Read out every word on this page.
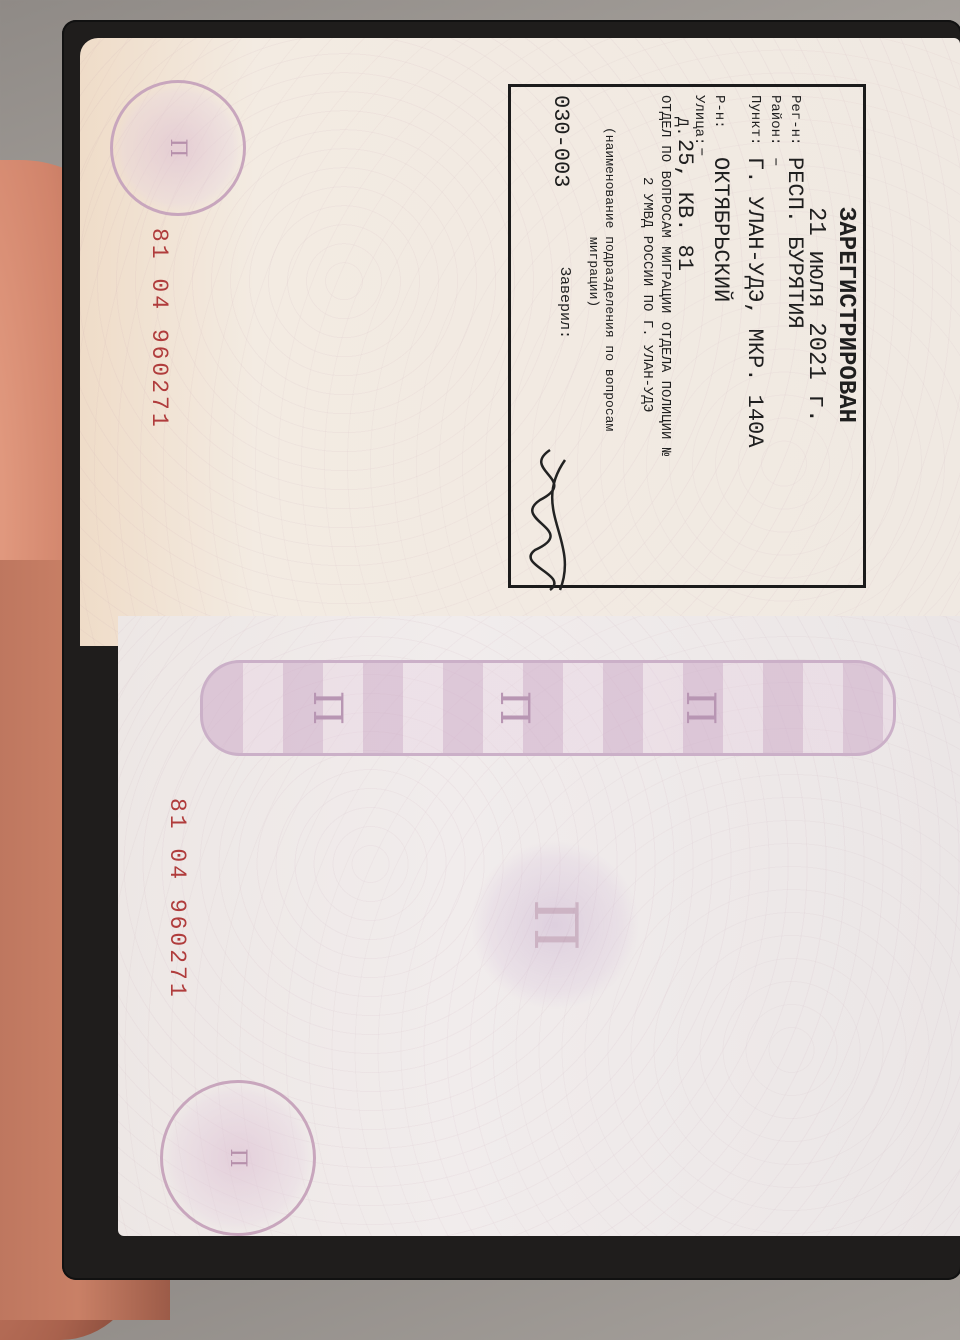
П
ЗАРЕГИСТРИРОВАН
21 июля 2021 г.
Рег-н:
РЕСП. БУРЯТИЯ
Район:
–
Пункт:
Г. УЛАН-УДЭ, МКР. 140А
Р-н:
ОКТЯБРЬСКИЙ
Улица:
–
Д.
25, КВ. 81
ОТДЕЛ ПО ВОПРОСАМ МИГРАЦИИ ОТДЕЛА ПОЛИЦИИ №
2 УМВД РОССИИ ПО Г. УЛАН-УДЭ
(наименование подразделения по вопросам
миграции)
030-003
Заверил:
81 04 960271
П	П	П
П
П
81 04 960271
